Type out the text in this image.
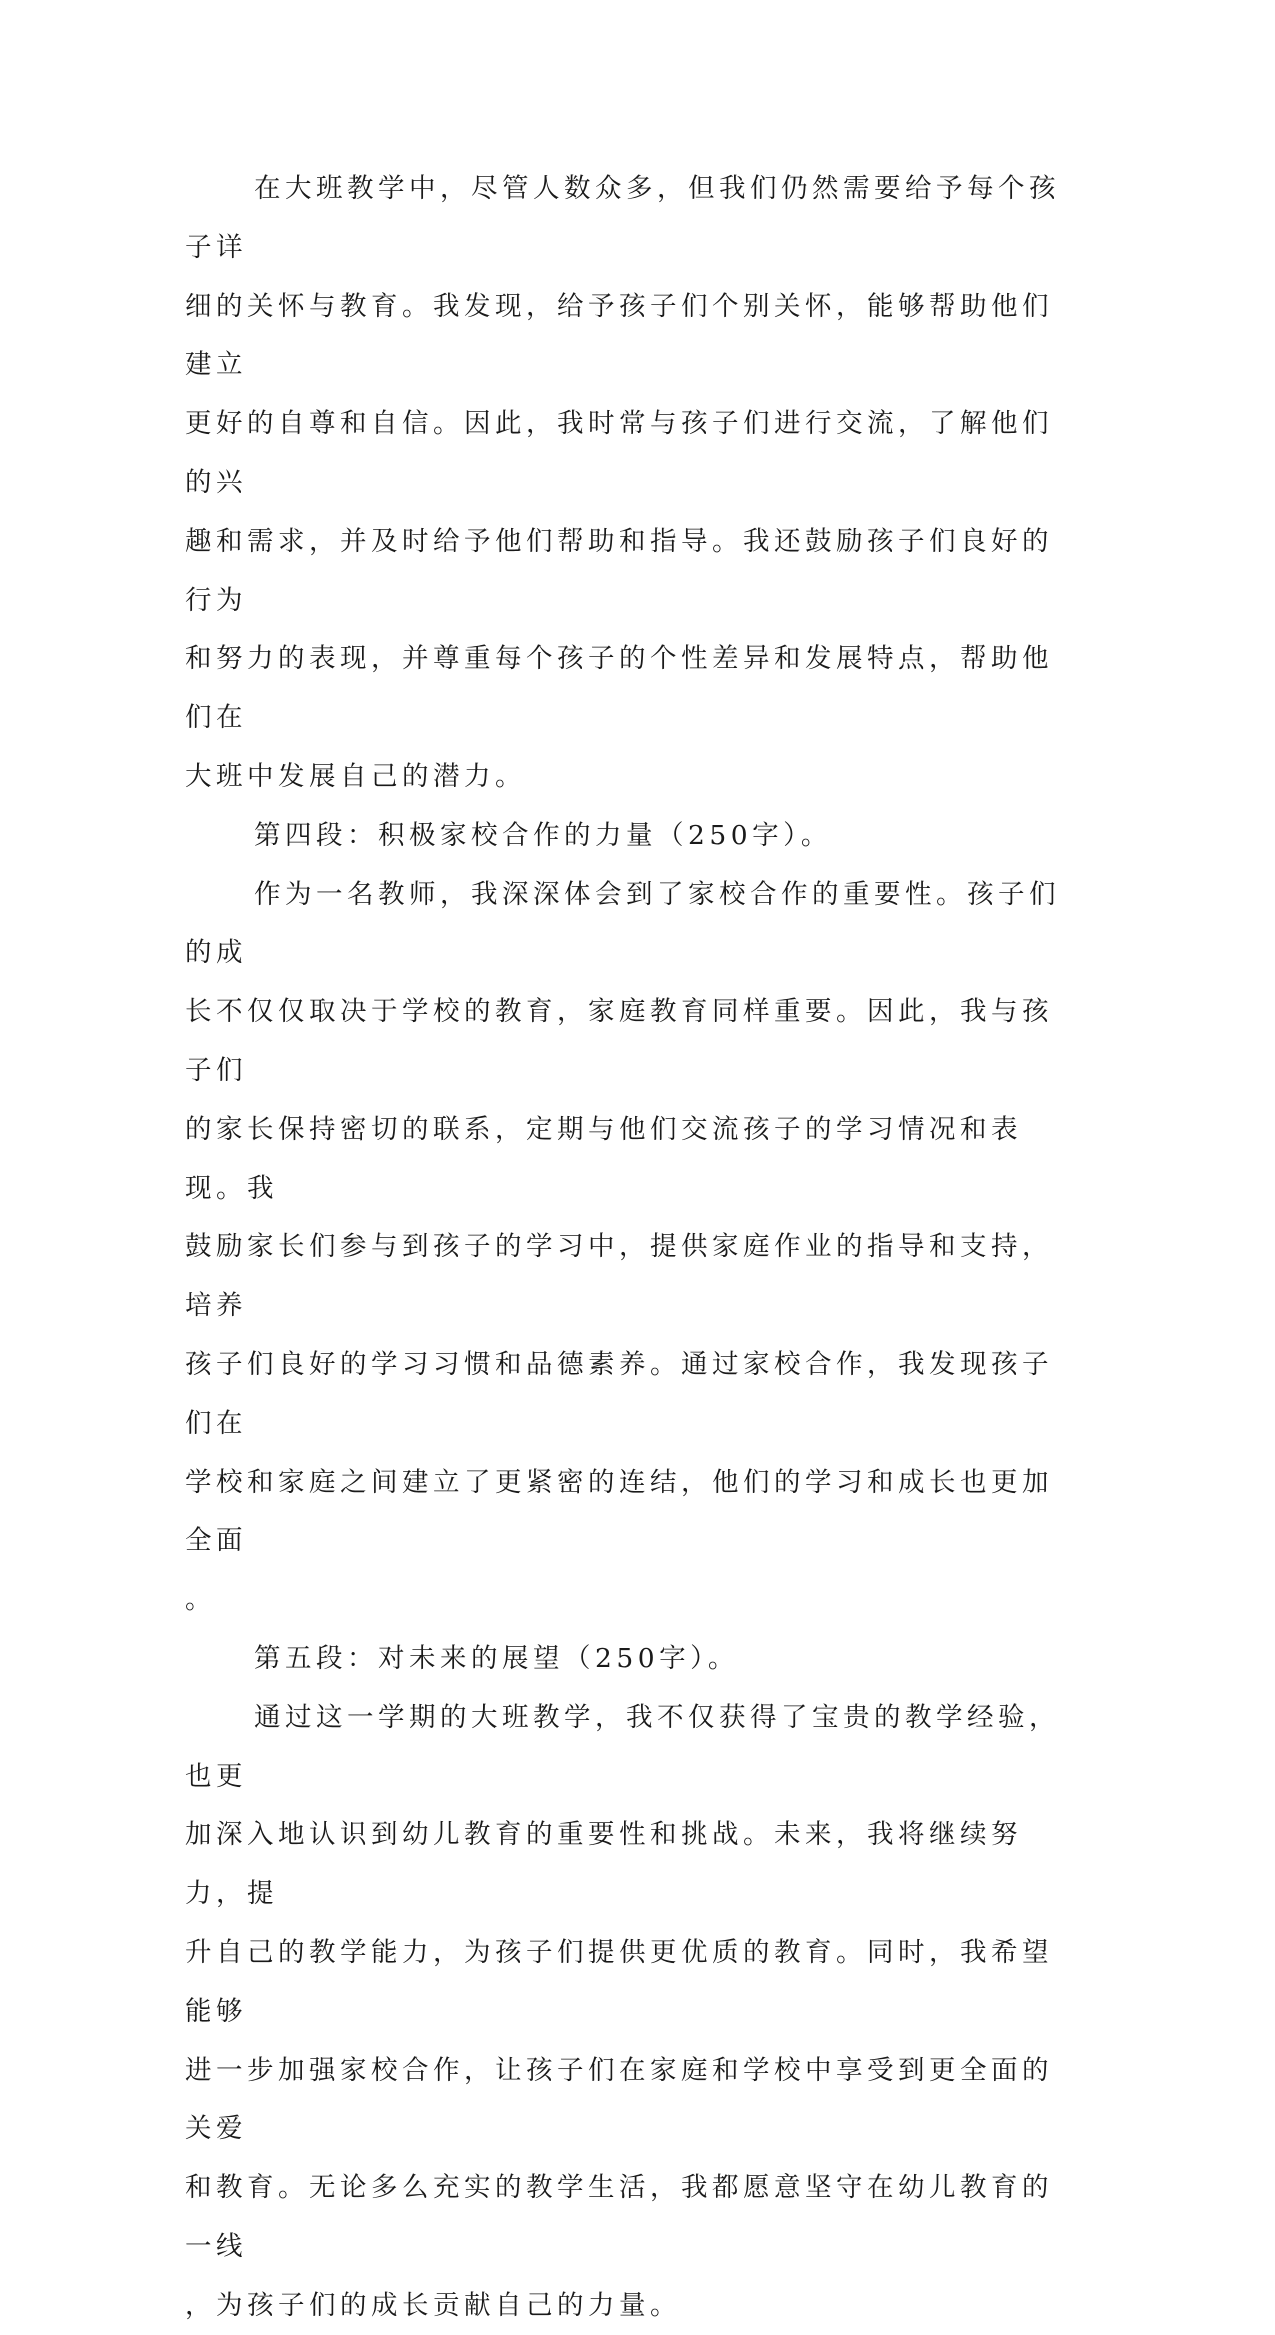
在大班教学中，尽管人数众多，但我们仍然需要给予每个孩子详
细的关怀与教育。我发现，给予孩子们个别关怀，能够帮助他们建立
更好的自尊和自信。因此，我时常与孩子们进行交流，了解他们的兴
趣和需求，并及时给予他们帮助和指导。我还鼓励孩子们良好的行为
和努力的表现，并尊重每个孩子的个性差异和发展特点，帮助他们在
大班中发展自己的潜力。

第四段：积极家校合作的力量（250字）。

作为一名教师，我深深体会到了家校合作的重要性。孩子们的成
长不仅仅取决于学校的教育，家庭教育同样重要。因此，我与孩子们
的家长保持密切的联系，定期与他们交流孩子的学习情况和表现。我
鼓励家长们参与到孩子的学习中，提供家庭作业的指导和支持，培养
孩子们良好的学习习惯和品德素养。通过家校合作，我发现孩子们在
学校和家庭之间建立了更紧密的连结，他们的学习和成长也更加全面
。

第五段：对未来的展望（250字）。

通过这一学期的大班教学，我不仅获得了宝贵的教学经验，也更
加深入地认识到幼儿教育的重要性和挑战。未来，我将继续努力，提
升自己的教学能力，为孩子们提供更优质的教育。同时，我希望能够
进一步加强家校合作，让孩子们在家庭和学校中享受到更全面的关爱
和教育。无论多么充实的教学生活，我都愿意坚守在幼儿教育的一线
，为孩子们的成长贡献自己的力量。
